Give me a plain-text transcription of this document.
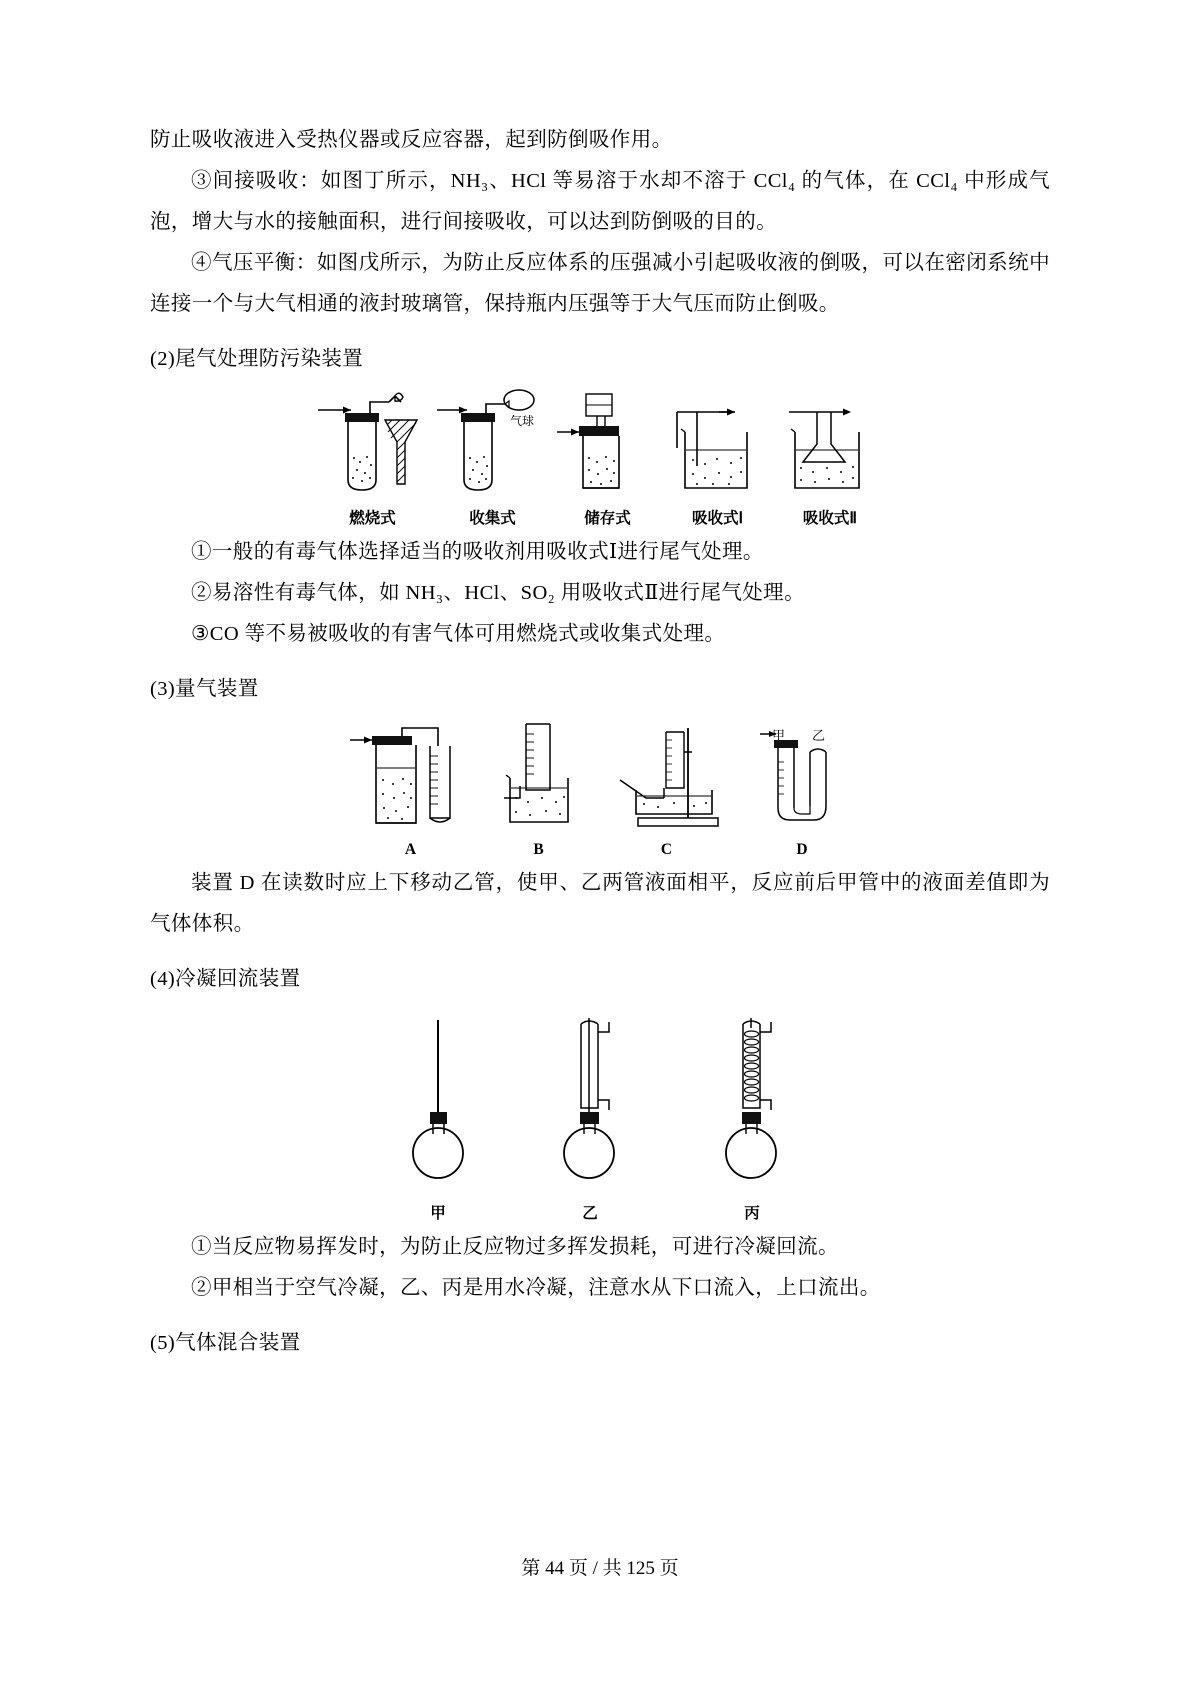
防止吸收液进入受热仪器或反应容器，起到防倒吸作用。

③间接吸收：如图丁所示，NH₃、HCl 等易溶于水却不溶于 CCl₄ 的气体，在 CCl₄ 中形成气泡，增大与水的接触面积，进行间接吸收，可以达到防倒吸的目的。

④气压平衡：如图戊所示，为防止反应体系的压强减小引起吸收液的倒吸，可以在密闭系统中连接一个与大气相通的液封玻璃管，保持瓶内压强等于大气压而防止倒吸。

(2)尾气处理防污染装置

燃烧式
气球
收集式	储存式	吸收式Ⅰ	吸收式Ⅱ

①一般的有毒气体选择适当的吸收剂用吸收式Ⅰ进行尾气处理。

②易溶性有毒气体，如 NH₃、HCl、SO₂ 用吸收式Ⅱ进行尾气处理。

③CO 等不易被吸收的有害气体可用燃烧式或收集式处理。

(3)量气装置

A	B	C
甲 乙
D

装置 D 在读数时应上下移动乙管，使甲、乙两管液面相平，反应前后甲管中的液面差值即为气体体积。

(4)冷凝回流装置

甲	乙	丙

①当反应物易挥发时，为防止反应物过多挥发损耗，可进行冷凝回流。

②甲相当于空气冷凝，乙、丙是用水冷凝，注意水从下口流入，上口流出。

(5)气体混合装置

第 44 页 / 共 125 页
